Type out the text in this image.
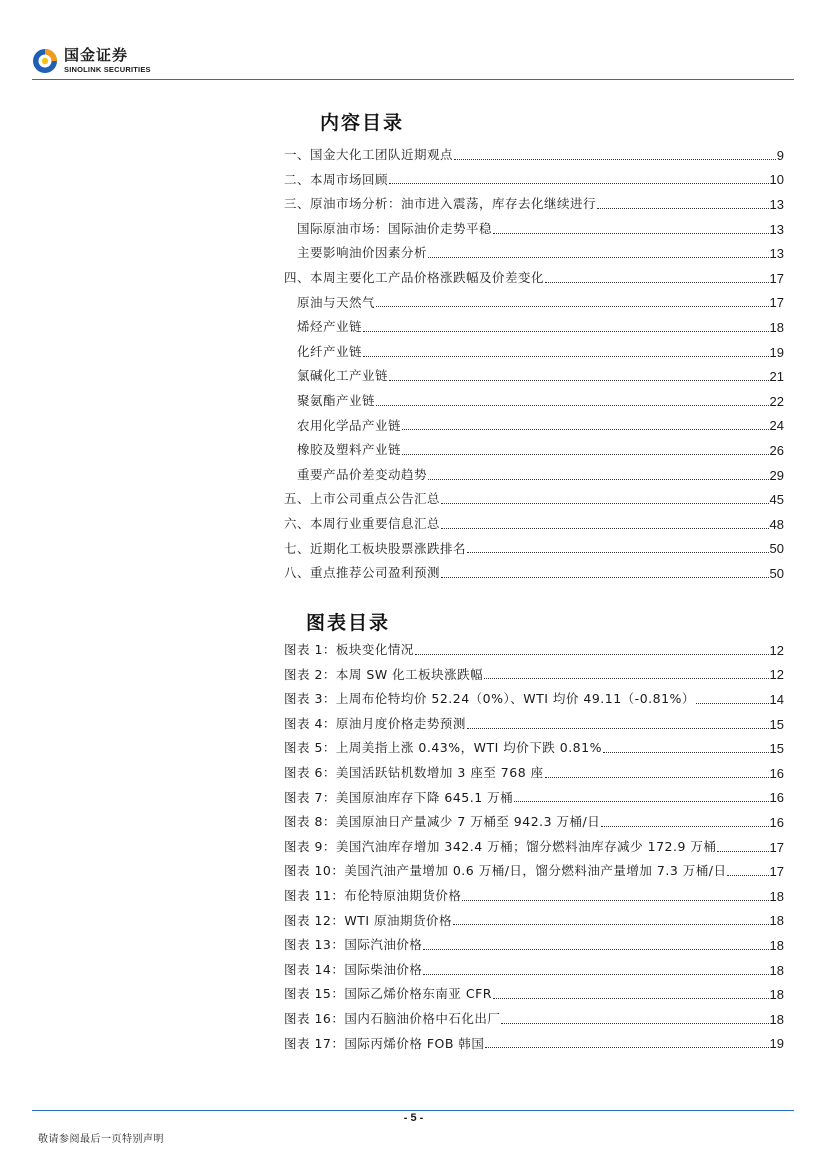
国金证券
SINOLINK SECURITIES
内容目录
一、国金大化工团队近期观点	9
二、本周市场回顾	10
三、原油市场分析：油市进入震荡，库存去化继续进行	13
国际原油市场：国际油价走势平稳	13
主要影响油价因素分析	13
四、本周主要化工产品价格涨跌幅及价差变化	17
原油与天然气	17
烯烃产业链	18
化纤产业链	19
氯碱化工产业链	21
聚氨酯产业链	22
农用化学品产业链	24
橡胶及塑料产业链	26
重要产品价差变动趋势	29
五、上市公司重点公告汇总	45
六、本周行业重要信息汇总	48
七、近期化工板块股票涨跌排名	50
八、重点推荐公司盈利预测	50
图表目录
图表 1：板块变化情况	12
图表 2：本周 SW 化工板块涨跌幅	12
图表 3：上周布伦特均价 52.24（0%）、WTI 均价 49.11（-0.81%）	14
图表 4：原油月度价格走势预测	15
图表 5：上周美指上涨 0.43%，WTI 均价下跌 0.81%	15
图表 6：美国活跃钻机数增加 3 座至 768 座	16
图表 7：美国原油库存下降 645.1 万桶	16
图表 8：美国原油日产量减少 7 万桶至 942.3 万桶/日	16
图表 9：美国汽油库存增加 342.4 万桶；馏分燃料油库存减少 172.9 万桶	17
图表 10：美国汽油产量增加 0.6 万桶/日，馏分燃料油产量增加 7.3 万桶/日	17
图表 11：布伦特原油期货价格	18
图表 12：WTI 原油期货价格	18
图表 13：国际汽油价格	18
图表 14：国际柴油价格	18
图表 15：国际乙烯价格东南亚 CFR	18
图表 16：国内石脑油价格中石化出厂	18
图表 17：国际丙烯价格 FOB 韩国	19
- 5 -
敬请参阅最后一页特别声明
